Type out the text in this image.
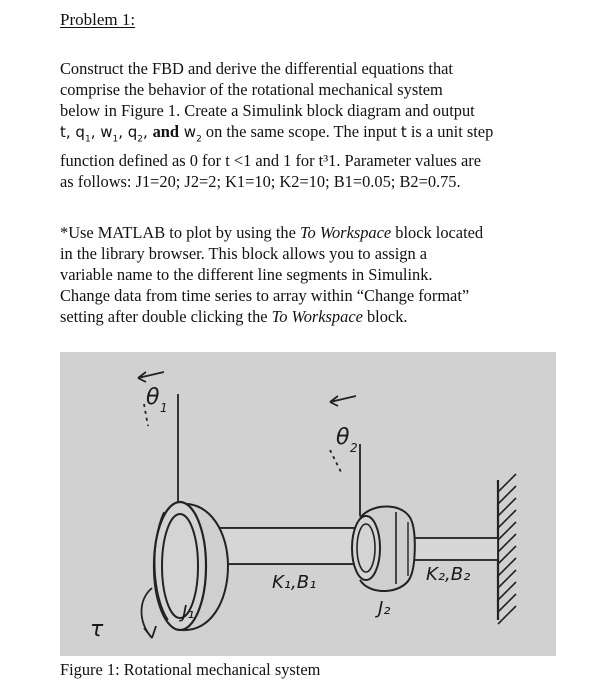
Problem 1:
Construct the FBD and derive the differential equations that
comprise the behavior of the rotational mechanical system
below in Figure 1. Create a Simulink block diagram and output
t, $q_1$, $w_1$, $q_2$, and $w_2$ on the same scope. The input t is a unit step
function defined as 0 for t <1 and 1 for t³1. Parameter values are
as follows: J1=20; J2=2; K1=10; K2=10; B1=0.05; B2=0.75.
*Use MATLAB to plot by using the To Workspace block located
in the library browser. This block allows you to assign a
variable name to the different line segments in Simulink.
Change data from time series to array within “Change format”
setting after double clicking the To Workspace block.
θ 1
θ 2
τ
K₁,B₁	K₂,B₂
J₁	J₂
Figure 1: Rotational mechanical system
